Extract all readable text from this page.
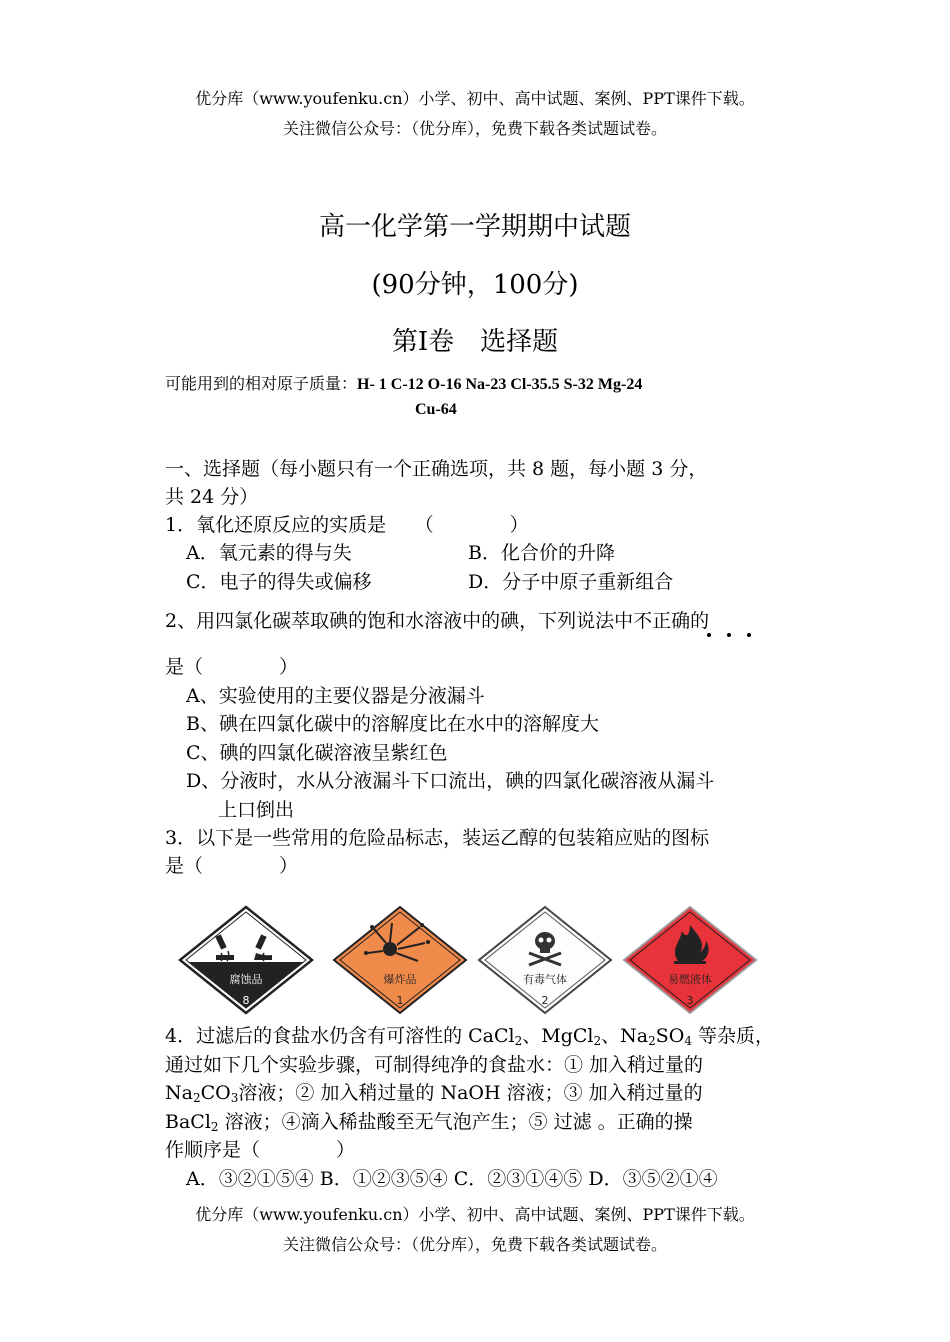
优分库（www.youfenku.cn）小学、初中、高中试题、案例、PPT课件下载。
关注微信公众号：（优分库），免费下载各类试题试卷。
高一化学第一学期期中试题
(90分钟，100分)
第Ⅰ卷　选择题
可能用到的相对原子质量：H- 1 C-12 O-16 Na-23 Cl-35.5 S-32 Mg-24
Cu-64
一、选择题（每小题只有一个正确选项，共 8 题，每小题 3 分，
共 24 分）
1．氧化还原反应的实质是　　（　　　　）
A．氧元素的得与失	B．化合价的升降
C．电子的得失或偏移	D．分子中原子重新组合
2、用四氯化碳萃取碘的饱和水溶液中的碘，下列说法中不正确的
是（　　　　）
A、实验使用的主要仪器是分液漏斗
B、碘在四氯化碳中的溶解度比在水中的溶解度大
C、碘的四氯化碳溶液呈紫红色
D、分液时，水从分液漏斗下口流出，碘的四氯化碳溶液从漏斗
上口倒出
3．以下是一些常用的危险品标志，装运乙醇的包装箱应贴的图标
是（　　　　）
腐蚀品
8
爆炸品
1
有毒气体
2
易燃液体
3
4．过滤后的食盐水仍含有可溶性的 CaCl$_2$、MgCl$_2$、$Na_2SO_4$ 等杂质，
通过如下几个实验步骤，可制得纯净的食盐水：① 加入稍过量的
$Na_2CO_3$溶液；② 加入稍过量的 NaOH 溶液；③ 加入稍过量的
BaCl$_2$ 溶液；④滴入稀盐酸至无气泡产生；⑤ 过滤 。正确的操
作顺序是（　　　　）
A．③②①⑤④ B．①②③⑤④ C．②③①④⑤ D．③⑤②①④
优分库（www.youfenku.cn）小学、初中、高中试题、案例、PPT课件下载。
关注微信公众号：（优分库），免费下载各类试题试卷。
